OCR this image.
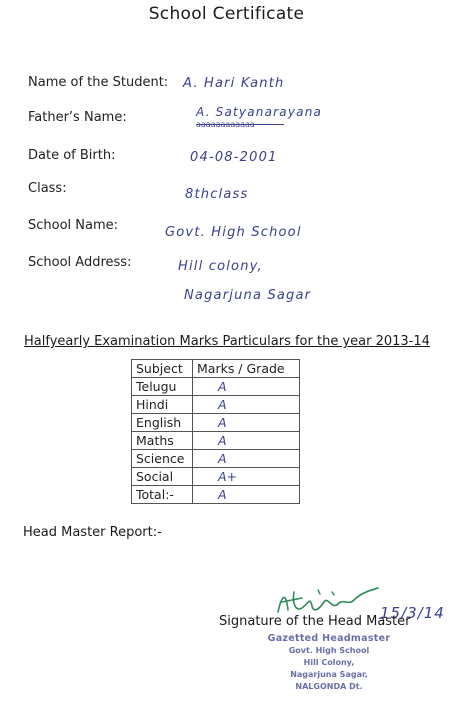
School Certificate
Name of the Student: A. Hari Kanth
Father’s Name:	A. Satyanarayana
aaaaaaaaaaaa
Date of Birth:	04-08-2001
Class:	8thclass
School Name:	Govt. High School
School Address:	Hill colony,
Nagarjuna Sagar
Halfyearly Examination Marks Particulars for the year 2013-14
Subject	Marks / Grade
Telugu	A
Hindi	A
English	A
Maths	A
Science	A
Social	A+
Total:-	A
Head Master Report:-
15/3/14
Signature of the Head Master
Gazetted Headmaster
Govt. High School
Hill Colony,
Nagarjuna Sagar,
NALGONDA Dt.
